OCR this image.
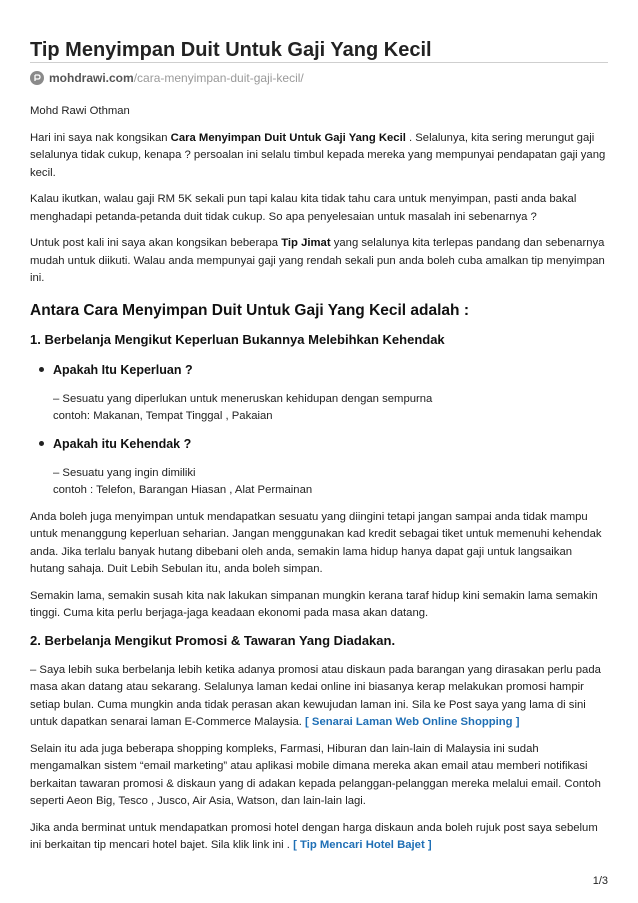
Tip Menyimpan Duit Untuk Gaji Yang Kecil
mohdrawi.com /cara-menyimpan-duit-gaji-kecil/

Mohd Rawi Othman

Hari ini saya nak kongsikan Cara Menyimpan Duit Untuk Gaji Yang Kecil . Selalunya, kita sering merungut gaji selalunya tidak cukup, kenapa ? persoalan ini selalu timbul kepada mereka yang mempunyai pendapatan gaji yang kecil.

Kalau ikutkan, walau gaji RM 5K sekali pun tapi kalau kita tidak tahu cara untuk menyimpan, pasti anda bakal menghadapi petanda-petanda duit tidak cukup. So apa penyelesaian untuk masalah ini sebenarnya ?

Untuk post kali ini saya akan kongsikan beberapa Tip Jimat yang selalunya kita terlepas pandang dan sebenarnya mudah untuk diikuti. Walau anda mempunyai gaji yang rendah sekali pun anda boleh cuba amalkan tip menyimpan ini.

Antara Cara Menyimpan Duit Untuk Gaji Yang Kecil adalah :
1. Berbelanja Mengikut Keperluan Bukannya Melebihkan Kehendak
Apakah Itu Keperluan ?
– Sesuatu yang diperlukan untuk meneruskan kehidupan dengan sempurna
contoh: Makanan, Tempat Tinggal , Pakaian
Apakah itu Kehendak ?
– Sesuatu yang ingin dimiliki
contoh : Telefon, Barangan Hiasan , Alat Permainan

Anda boleh juga menyimpan untuk mendapatkan sesuatu yang diingini tetapi jangan sampai anda tidak mampu untuk menanggung keperluan seharian. Jangan menggunakan kad kredit sebagai tiket untuk memenuhi kehendak anda. Jika terlalu banyak hutang dibebani oleh anda, semakin lama hidup hanya dapat gaji untuk langsaikan hutang sahaja. Duit Lebih Sebulan itu, anda boleh simpan.

Semakin lama, semakin susah kita nak lakukan simpanan mungkin kerana taraf hidup kini semakin lama semakin tinggi. Cuma kita perlu berjaga-jaga keadaan ekonomi pada masa akan datang.

2. Berbelanja Mengikut Promosi & Tawaran Yang Diadakan.

– Saya lebih suka berbelanja lebih ketika adanya promosi atau diskaun pada barangan yang dirasakan perlu pada masa akan datang atau sekarang. Selalunya laman kedai online ini biasanya kerap melakukan promosi hampir setiap bulan. Cuma mungkin anda tidak perasan akan kewujudan laman ini. Sila ke Post saya yang lama di sini untuk dapatkan senarai laman E-Commerce Malaysia. [ Senarai Laman Web Online Shopping ]

Selain itu ada juga beberapa shopping kompleks, Farmasi, Hiburan dan lain-lain di Malaysia ini sudah mengamalkan sistem “email marketing” atau aplikasi mobile dimana mereka akan email atau memberi notifikasi berkaitan tawaran promosi & diskaun yang di adakan kepada pelanggan-pelanggan mereka melalui email. Contoh seperti Aeon Big, Tesco , Jusco, Air Asia, Watson, dan lain-lain lagi.

Jika anda berminat untuk mendapatkan promosi hotel dengan harga diskaun anda boleh rujuk post saya sebelum ini berkaitan tip mencari hotel bajet. Sila klik link ini . [ Tip Mencari Hotel Bajet ]

1/3
